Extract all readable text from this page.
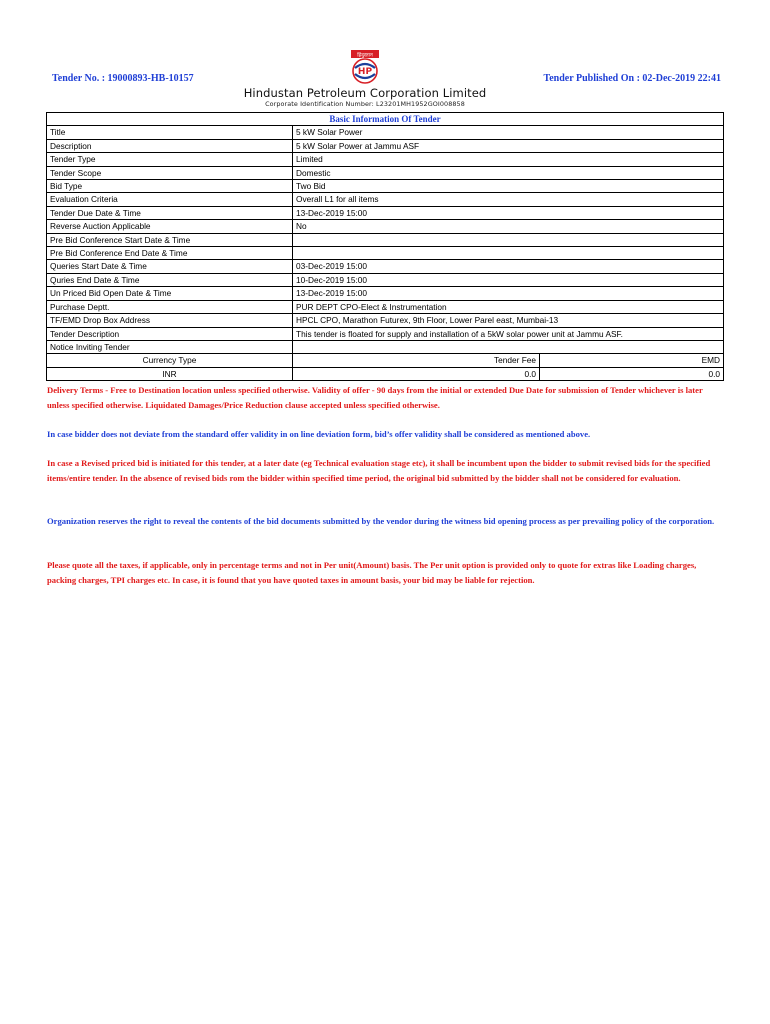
Tender No. : 19000893-HB-10157	Tender Published On : 02-Dec-2019 22:41
हिंदुस्तान
HP
Hindustan Petroleum Corporation Limited
Corporate Identification Number: L23201MH1952GOI008858
Basic Information Of Tender		
Title	5 kW Solar Power	
Description	5 kW Solar Power at Jammu ASF	
Tender Type	Limited	
Tender Scope	Domestic	
Bid Type	Two Bid	
Evaluation Criteria	Overall L1 for all items	
Tender Due Date & Time	13-Dec-2019 15:00	
Reverse Auction Applicable	No	
Pre Bid Conference Start Date & Time		
Pre Bid Conference End Date & Time		
Queries Start Date & Time	03-Dec-2019 15:00	
Quries End Date & Time	10-Dec-2019 15:00	
Un Priced Bid Open Date & Time	13-Dec-2019 15:00	
Purchase Deptt.	PUR DEPT CPO-Elect & Instrumentation	
TF/EMD Drop Box Address	HPCL CPO, Marathon Futurex, 9th Floor, Lower Parel east, Mumbai-13	
Tender Description	This tender is floated for supply and installation of a 5kW solar power unit at Jammu ASF.	
Notice Inviting Tender		
Currency Type	Tender Fee	EMD
INR	0.0	0.0

Delivery Terms - Free to Destination location unless specified otherwise. Validity of offer - 90 days from the initial or extended Due Date for submission of Tender whichever is later unless specified otherwise. Liquidated Damages/Price Reduction clause accepted unless specified otherwise.

In case bidder does not deviate from the standard offer validity in on line deviation form, bid’s offer validity shall be considered as mentioned above.

In case a Revised priced bid is initiated for this tender, at a later date (eg Technical evaluation stage etc), it shall be incumbent upon the bidder to submit revised bids for the specified items/entire tender. In the absence of revised bids rom the bidder within specified time period, the original bid submitted by the bidder shall not be considered for evaluation.

Organization reserves the right to reveal the contents of the bid documents submitted by the vendor during the witness bid opening process as per prevailing policy of the corporation.

Please quote all the taxes, if applicable, only in percentage terms and not in Per unit(Amount) basis. The Per unit option is provided only to quote for extras like Loading charges, packing charges, TPI charges etc. In case, it is found that you have quoted taxes in amount basis, your bid may be liable for rejection.
